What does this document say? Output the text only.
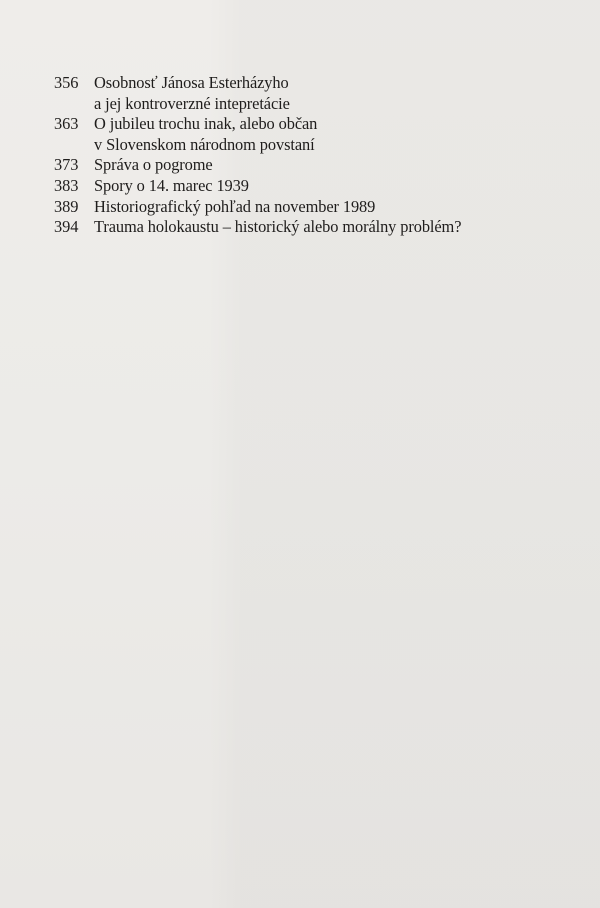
356 Osobnosť Jánosa Esterházyho
a jej kontroverzné intepretácie
363 O jubileu trochu inak, alebo občan
v Slovenskom národnom povstaní
373 Správa o pogrome
383 Spory o 14. marec 1939
389 Historiografický pohľad na november 1989
394 Trauma holokaustu – historický alebo morálny problém?
